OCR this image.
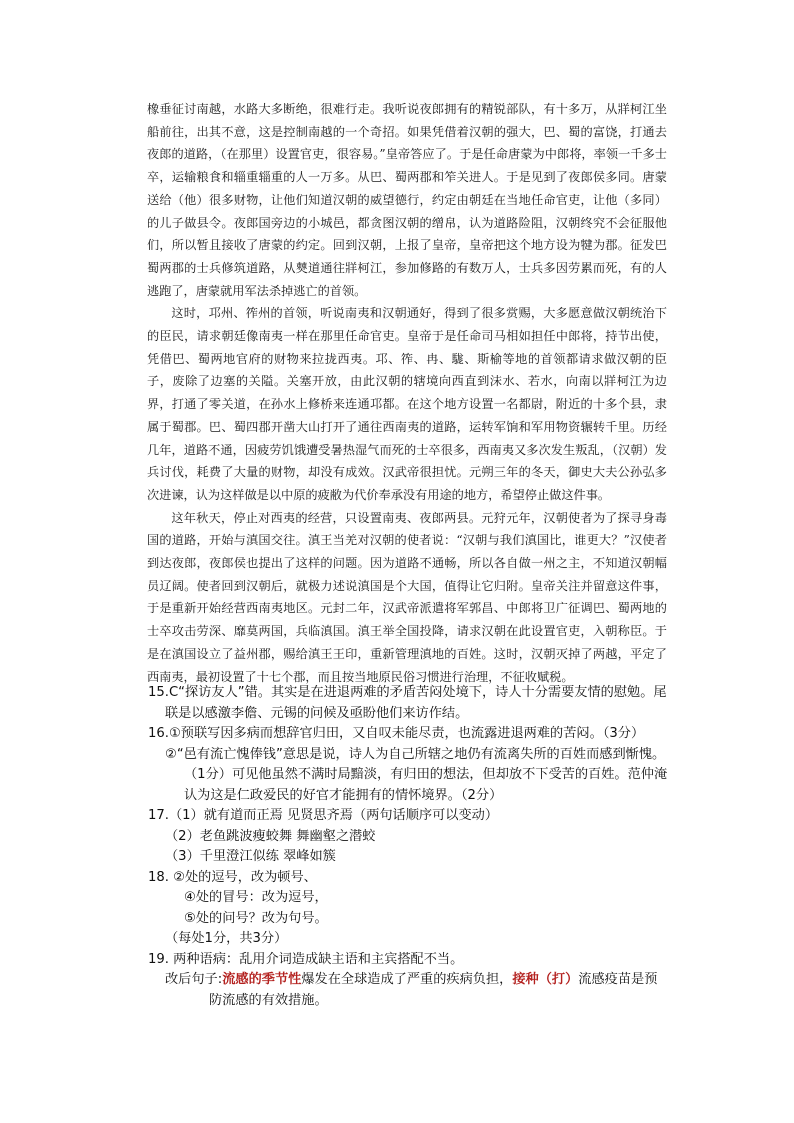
橡垂征讨南越，水路大多断绝，很难行走。我听说夜郎拥有的精锐部队，有十多万，从牂柯江坐船前往，出其不意，这是控制南越的一个奇招。如果凭借着汉朝的强大，巴、蜀的富饶，打通去夜郎的道路，（在那里）设置官吏，很容易。”皇帝答应了。于是任命唐蒙为中郎将，率领一千多士卒，运输粮食和辎重辎重的人一万多。从巴、蜀两郡和笮关进人。于是见到了夜郎侯多同。唐蒙送给（他）很多财物，让他们知道汉朝的威望德行，约定由朝廷在当地任命官吏，让他（多同）的儿子做县令。夜郎国旁边的小城邑，都贪图汉朝的缯帛，认为道路险阻，汉朝终究不会征服他们，所以暂且接收了唐蒙的约定。回到汉朝，上报了皇帝，皇帝把这个地方设为犍为郡。征发巴蜀两郡的士兵修筑道路，从僰道通往牂柯江，参加修路的有数万人，士兵多因劳累而死，有的人逃跑了，唐蒙就用军法杀掉逃亡的首领。

这时，邛州、筰州的首领，听说南夷和汉朝通好，得到了很多赏赐，大多愿意做汉朝统治下的臣民，请求朝廷像南夷一样在那里任命官吏。皇帝于是任命司马相如担任中郎将，持节出使，凭借巴、蜀两地官府的财物来拉拢西夷。邛、筰、冉、駹、斯榆等地的首领都请求做汉朝的臣子，废除了边塞的关隘。关塞开放，由此汉朝的辖境向西直到沫水、若水，向南以牂柯江为边界，打通了零关道，在孙水上修桥来连通邛都。在这个地方设置一名都尉，附近的十多个县，隶属于蜀郡。巴、蜀四郡开凿大山打开了通往西南夷的道路，运转军饷和军用物资辗转千里。历经几年，道路不通，因疲劳饥饿遭受暑热湿气而死的士卒很多，西南夷又多次发生叛乱，（汉朝）发兵讨伐，耗费了大量的财物，却没有成效。汉武帝很担忧。元朔三年的冬天，御史大夫公孙弘多次进谏，认为这样做是以中原的疲敝为代价奉承没有用途的地方，希望停止做这件事。

这年秋天，停止对西夷的经营，只设置南夷、夜郎两县。元狩元年，汉朝使者为了探寻身毒国的道路，开始与滇国交往。滇王当羌对汉朝的使者说：“汉朝与我们滇国比，谁更大？”汉使者到达夜郎，夜郎侯也提出了这样的问题。因为道路不通畅，所以各自做一州之主，不知道汉朝幅员辽阔。使者回到汉朝后，就极力述说滇国是个大国，值得让它归附。皇帝关注并留意这件事，于是重新开始经营西南夷地区。元封二年，汉武帝派遣将军郭昌、中郎将卫广征调巴、蜀两地的士卒攻击劳深、靡莫两国，兵临滇国。滇王举全国投降，请求汉朝在此设置官吏，入朝称臣。于是在滇国设立了益州郡，赐给滇王王印，重新管理滇地的百姓。这时，汉朝灭掉了两越，平定了西南夷，最初设置了十七个郡，而且按当地原民俗习惯进行治理，不征收赋税。

15.C“探访友人”错。其实是在进退两难的矛盾苦闷处境下，诗人十分需要友情的慰勉。尾
联是以感激李儋、元锡的问候及亟盼他们来访作结。
16.①预联写因多病而想辞官归田，又自叹未能尽责，也流露进退两难的苦闷。（3分）
②“邑有流亡愧俸钱”意思是说，诗人为自己所辖之地仍有流离失所的百姓而感到惭愧。
（1分）可见他虽然不满时局黯淡，有归田的想法，但却放不下受苦的百姓。范仲淹
认为这是仁政爱民的好官才能拥有的情怀境界。（2分）
17.（1）就有道而正焉 见贤思齐焉（两句话顺序可以变动）
（2）老鱼跳波瘦蛟舞 舞幽壑之潜蛟
（3）千里澄江似练 翠峰如簇
18. ②处的逗号，改为顿号、
④处的冒号：改为逗号，
⑤处的问号？改为句号。
（每处1分，共3分）
19. 两种语病：乱用介词造成缺主语和主宾搭配不当。
改后句子:流感的季节性爆发在全球造成了严重的疾病负担，接种（打）流感疫苗是预
防流感的有效措施。
